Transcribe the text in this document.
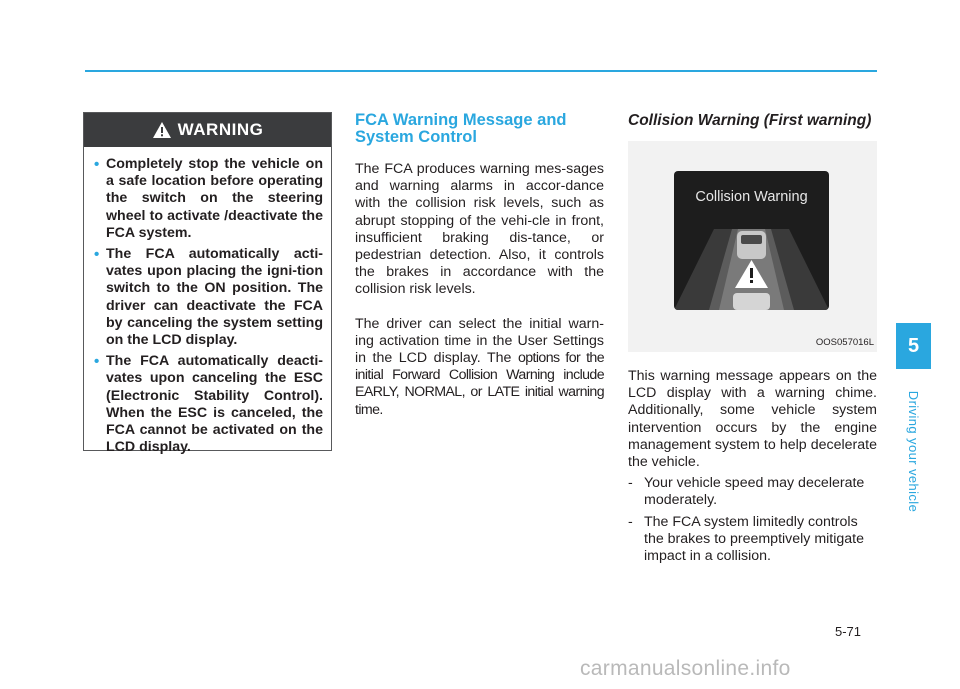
WARNING
• Completely stop the vehicle on a safe location before operating the switch on the steering wheel to activate /deactivate the FCA system.
• The FCA automatically acti-vates upon placing the igni-tion switch to the ON position. The driver can deactivate the FCA by canceling the system setting on the LCD display.
• The FCA automatically deacti-vates upon canceling the ESC (Electronic Stability Control). When the ESC is canceled, the FCA cannot be activated on the LCD display.
FCA Warning Message and System Control

The FCA produces warning mes-sages and warning alarms in accor-dance with the collision risk levels, such as abrupt stopping of the vehi-cle in front, insufficient braking dis-tance, or pedestrian detection. Also, it controls the brakes in accordance with the collision risk levels.

The driver can select the initial warn-ing activation time in the User Settings in the LCD display. The options for the initial Forward Collision Warning include EARLY, NORMAL, or LATE initial warning time.

Collision Warning (First warning)
Collision Warning
OOS057016L

This warning message appears on the LCD display with a warning chime. Additionally, some vehicle system intervention occurs by the engine management system to help decelerate the vehicle.

- Your vehicle speed may decelerate moderately.
- The FCA system limitedly controls the brakes to preemptively mitigate impact in a collision.
5
Driving your vehicle
5-71
carmanualsonline.info
